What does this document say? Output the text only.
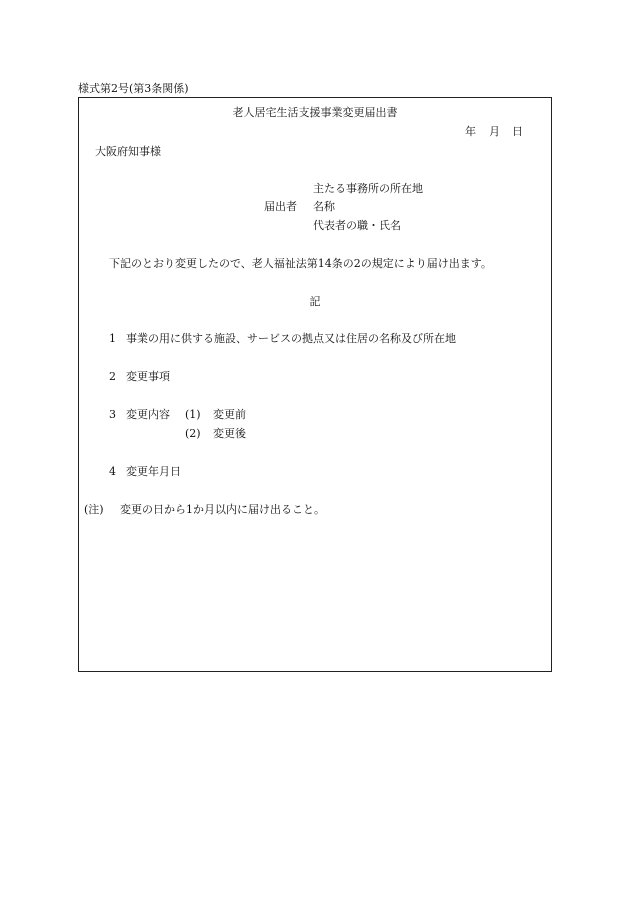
様式第2号(第3条関係)
老人居宅生活支援事業変更届出書
年 月 日
大阪府知事様
主たる事務所の所在地
届出者 名称
代表者の職・氏名
下記のとおり変更したので、老人福祉法第14条の2の規定により届け出ます。
記
1 事業の用に供する施設、サービスの拠点又は住居の名称及び所在地
2 変更事項
3 変更内容 (1) 変更前
(2) 変更後
4 変更年月日
(注) 変更の日から1か月以内に届け出ること。
